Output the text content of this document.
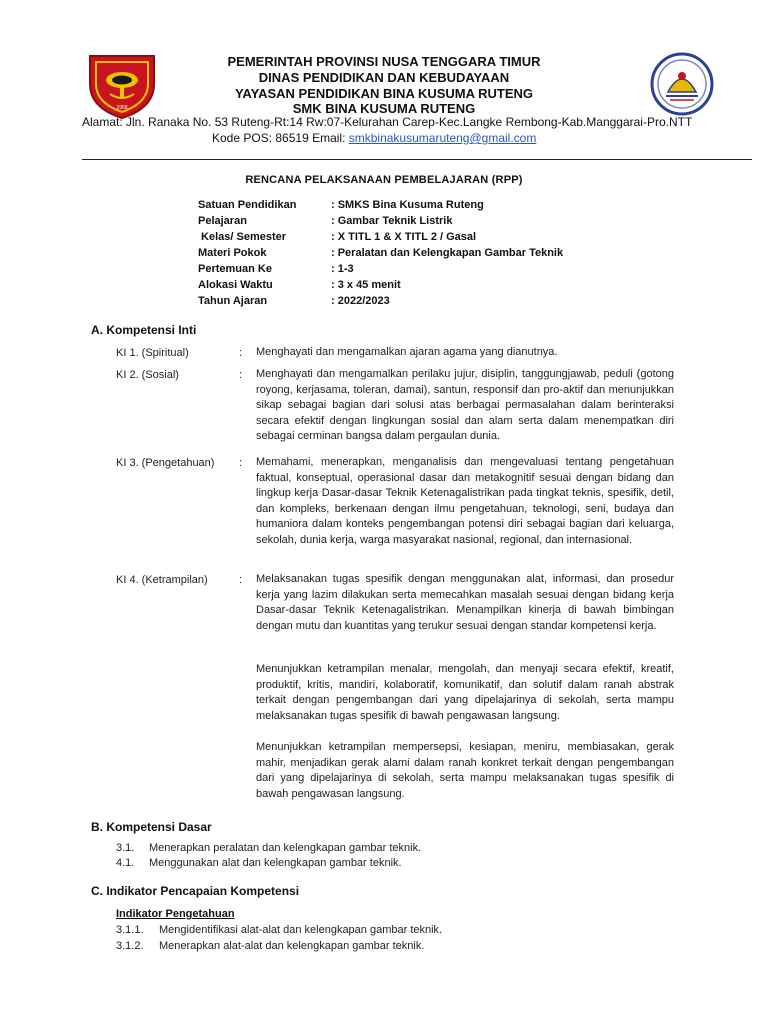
1958
PEMERINTAH PROVINSI NUSA TENGGARA TIMUR
DINAS PENDIDIKAN DAN KEBUDAYAAN
YAYASAN PENDIDIKAN BINA KUSUMA RUTENG
SMK BINA KUSUMA RUTENG
Alamat: Jln. Ranaka No. 53 Ruteng-Rt:14 Rw:07-Kelurahan Carep-Kec.Langke Rembong-Kab.Manggarai-Pro.NTT
Kode POS: 86519 Email: smkbinakusumaruteng@gmail.com
RENCANA PELAKSANAAN PEMBELAJARAN (RPP)
Satuan Pendidikan	: SMKS Bina Kusuma Ruteng
Pelajaran	: Gambar Teknik Listrik
Kelas/ Semester	: X TITL 1 & X TITL 2 / Gasal
Materi Pokok	: Peralatan dan Kelengkapan Gambar Teknik
Pertemuan Ke	: 1-3
Alokasi Waktu	: 3 x 45 menit
Tahun Ajaran	: 2022/2023
A. Kompetensi Inti
KI 1. (Spiritual)	: Menghayati dan mengamalkan ajaran agama yang dianutnya.
KI 2. (Sosial)	: Menghayati dan mengamalkan perilaku jujur, disiplin, tanggungjawab, peduli (gotong royong, kerjasama, toleran, damai), santun, responsif dan pro-aktif dan menunjukkan sikap sebagai bagian dari solusi atas berbagai permasalahan dalam berinteraksi secara efektif dengan lingkungan sosial dan alam serta dalam menempatkan diri sebagai cerminan bangsa dalam pergaulan dunia.
KI 3. (Pengetahuan) : Memahami, menerapkan, menganalisis dan mengevaluasi tentang pengetahuan faktual, konseptual, operasional dasar dan metakognitif sesuai dengan bidang dan lingkup kerja Dasar-dasar Teknik Ketenagalistrikan pada tingkat teknis, spesifik, detil, dan kompleks, berkenaan dengan ilmu pengetahuan, teknologi, seni, budaya dan humaniora dalam konteks pengembangan potensi diri sebagai bagian dari keluarga, sekolah, dunia kerja, warga masyarakat nasional, regional, dan internasional.
KI 4. (Ketrampilan)	: Melaksanakan tugas spesifik dengan menggunakan alat, informasi, dan prosedur kerja yang lazim dilakukan serta memecahkan masalah sesuai dengan bidang kerja Dasar-dasar Teknik Ketenagalistrikan. Menampilkan kinerja di bawah bimbingan dengan mutu dan kuantitas yang terukur sesuai dengan standar kompetensi kerja.
Menunjukkan ketrampilan menalar, mengolah, dan menyaji secara efektif, kreatif, produktif, kritis, mandiri, kolaboratif, komunikatif, dan solutif dalam ranah abstrak terkait dengan pengembangan dari yang dipelajarinya di sekolah, serta mampu melaksanakan tugas spesifik di bawah pengawasan langsung.
Menunjukkan ketrampilan mempersepsi, kesiapan, meniru, membiasakan, gerak mahir, menjadikan gerak alami dalam ranah konkret terkait dengan pengembangan dari yang dipelajarinya di sekolah, serta mampu melaksanakan tugas spesifik di bawah pengawasan langsung.
B. Kompetensi Dasar
3.1. Menerapkan peralatan dan kelengkapan gambar teknik.
4.1. Menggunakan alat dan kelengkapan gambar teknik.
C. Indikator Pencapaian Kompetensi
Indikator Pengetahuan
3.1.1. Mengidentifikasi alat-alat dan kelengkapan gambar teknik.
3.1.2. Menerapkan alat-alat dan kelengkapan gambar teknik.
